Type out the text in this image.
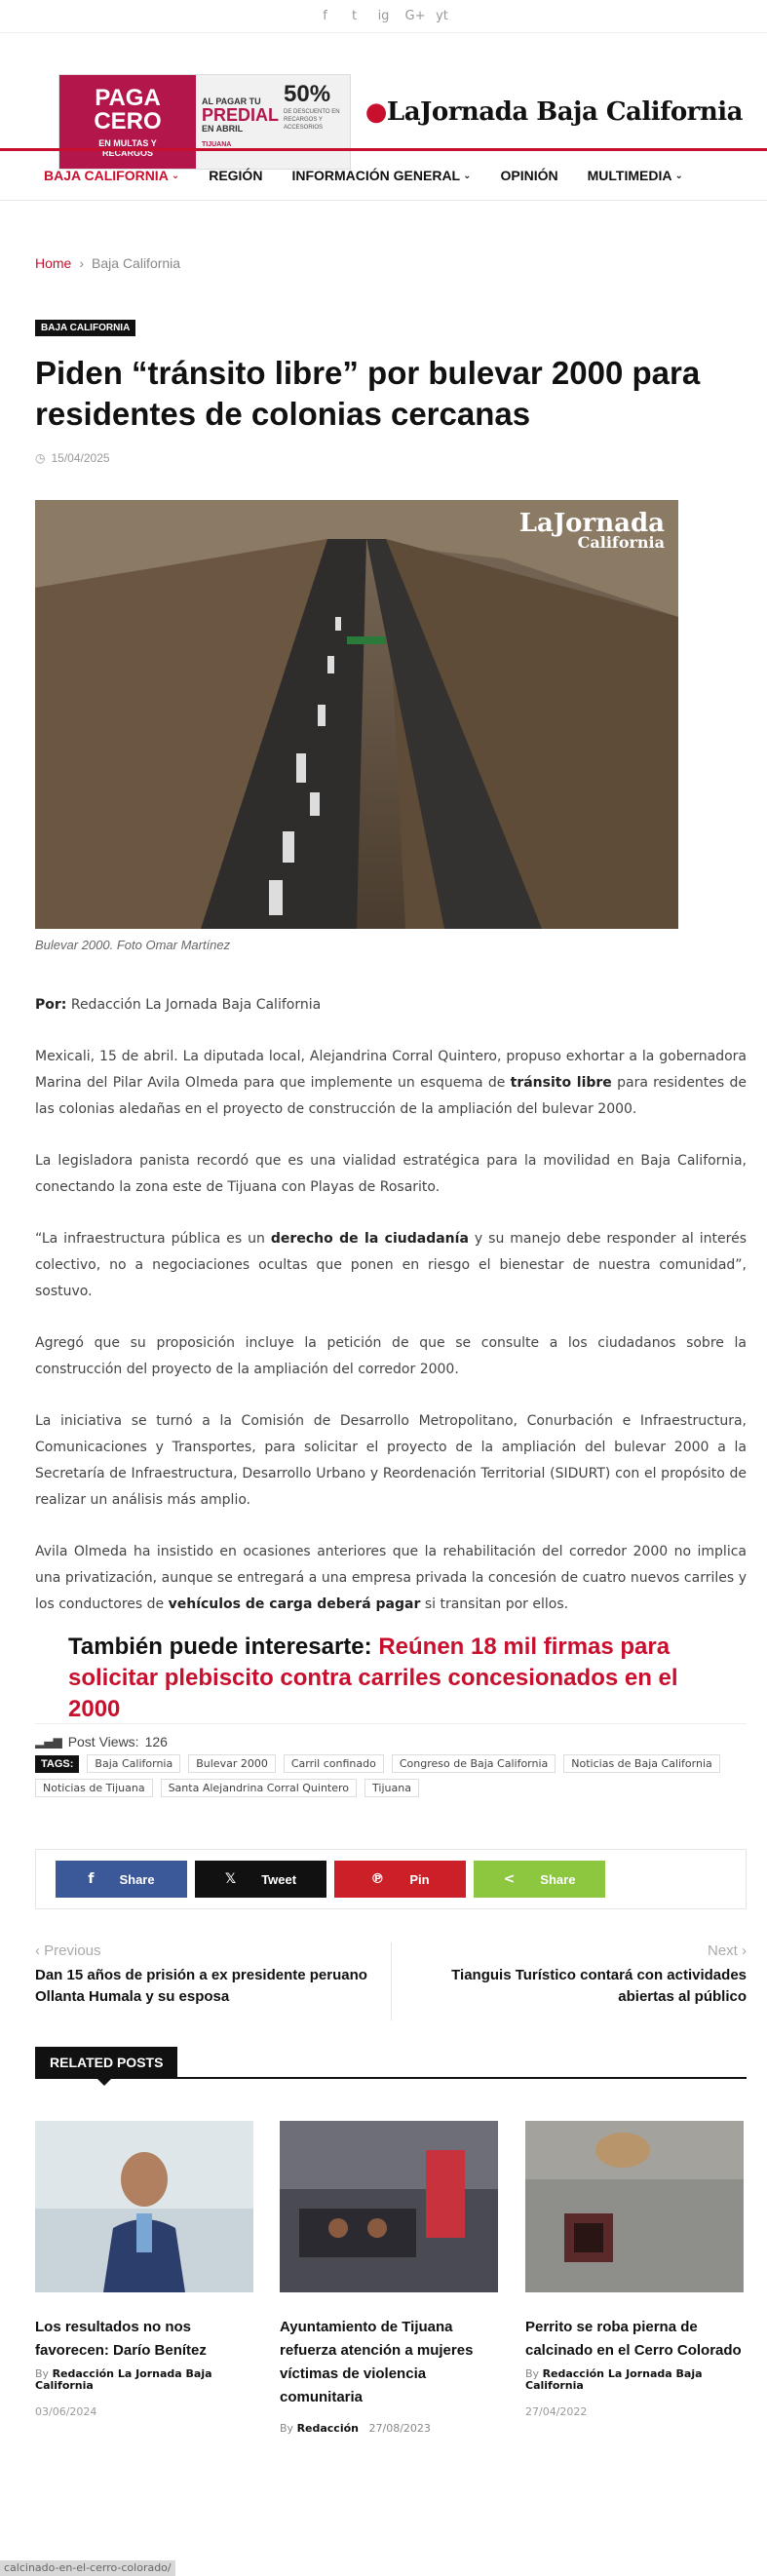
f	t	ig G+ yt
PAGA CERO
EN MULTAS Y RECARGOS
AL PAGAR TU
PREDIAL
EN ABRIL
TIJUANA
50%
DE DESCUENTO EN RECARGOS Y ACCESORIOS
●LaJornada Baja California
BAJA CALIFORNIA ⌄ REGIÓN INFORMACIÓN GENERAL ⌄ OPINIÓN MULTIMEDIA ⌄
Home › Baja California
BAJA CALIFORNIA
Piden “tránsito libre” por bulevar 2000 para residentes de colonias cercanas
◷ 15/04/2025
LaJornada
California
Bulevar 2000. Foto Omar Martínez

Por: Redacción La Jornada Baja California

Mexicali, 15 de abril. La diputada local, Alejandrina Corral Quintero, propuso exhortar a la gobernadora Marina del Pilar Avila Olmeda para que implemente un esquema de tránsito libre para residentes de las colonias aledañas en el proyecto de construcción de la ampliación del bulevar 2000.

La legisladora panista recordó que es una vialidad estratégica para la movilidad en Baja California, conectando la zona este de Tijuana con Playas de Rosarito.

“La infraestructura pública es un derecho de la ciudadanía y su manejo debe responder al interés colectivo, no a negociaciones ocultas que ponen en riesgo el bienestar de nuestra comunidad”, sostuvo.

Agregó que su proposición incluye la petición de que se consulte a los ciudadanos sobre la construcción del proyecto de la ampliación del corredor 2000.

La iniciativa se turnó a la Comisión de Desarrollo Metropolitano, Conurbación e Infraestructura, Comunicaciones y Transportes, para solicitar el proyecto de la ampliación del bulevar 2000 a la Secretaría de Infraestructura, Desarrollo Urbano y Reordenación Territorial (SIDURT) con el propósito de realizar un análisis más amplio.

Avila Olmeda ha insistido en ocasiones anteriores que la rehabilitación del corredor 2000 no implica una privatización, aunque se entregará a una empresa privada la concesión de cuatro nuevos carriles y los conductores de vehículos de carga deberá pagar si transitan por ellos.

También puede interesarte: Reúnen 18 mil firmas para solicitar plebiscito contra carriles concesionados en el 2000
▂▄▆ Post Views: 126
TAGS:	Baja California	Bulevar 2000	Carril confinado	Congreso de Baja California	Noticias de Baja California
Noticias de Tijuana	Santa Alejandrina Corral Quintero	Tijuana
f Share	𝕏 Tweet	℗ Pin	< Share
‹ Previous
Dan 15 años de prisión a ex presidente peruano Ollanta Humala y su esposa
Next ›
Tianguis Turístico contará con actividades abiertas al público
RELATED POSTS
Los resultados no nos favorecen: Darío Benítez
By Redacción La Jornada Baja California
03/06/2024
Ayuntamiento de Tijuana refuerza atención a mujeres víctimas de violencia comunitaria
By Redacción 27/08/2023
Perrito se roba pierna de calcinado en el Cerro Colorado
By Redacción La Jornada Baja California
27/04/2022
calcinado-en-el-cerro-colorado/
